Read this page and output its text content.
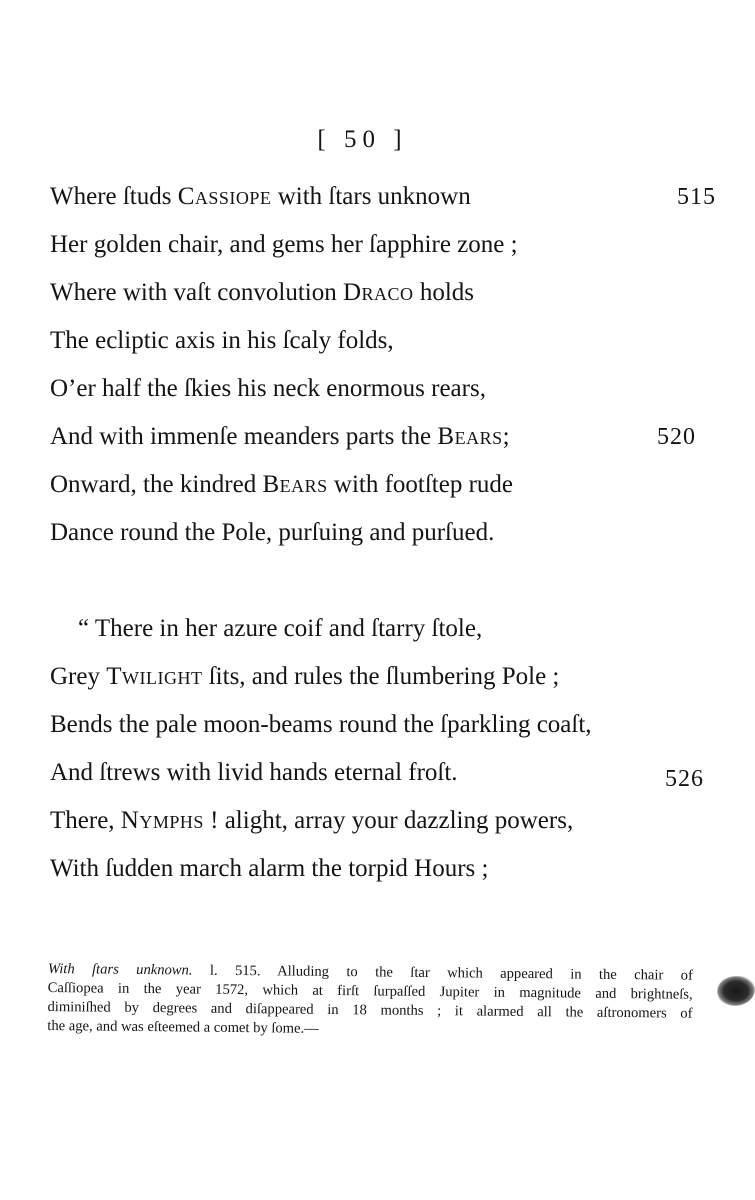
[ 50 ]
Where ſtuds Cassiope with ſtars unknown	515
Her golden chair, and gems her ſapphire zone ;
Where with vaſt convolution Draco holds
The ecliptic axis in his ſcaly folds,
O’er half the ſkies his neck enormous rears,
And with immenſe meanders parts the Bears;	520
Onward, the kindred Bears with footſtep rude
Dance round the Pole, purſuing and purſued.
“ There in her azure coif and ſtarry ſtole,
Grey Twilight ſits, and rules the ſlumbering Pole ;
Bends the pale moon-beams round the ſparkling coaſt,
And ſtrews with livid hands eternal froſt.	526
There, Nymphs ! alight, array your dazzling powers,
With ſudden march alarm the torpid Hours ;
With ſtars unknown. l. 515. Alluding to the ſtar which appeared in the chair of
Caſſiopea in the year 1572, which at firſt ſurpaſſed Jupiter in magnitude and brightneſs,
diminiſhed by degrees and diſappeared in 18 months ; it alarmed all the aſtronomers of
the age, and was eſteemed a comet by ſome.—
